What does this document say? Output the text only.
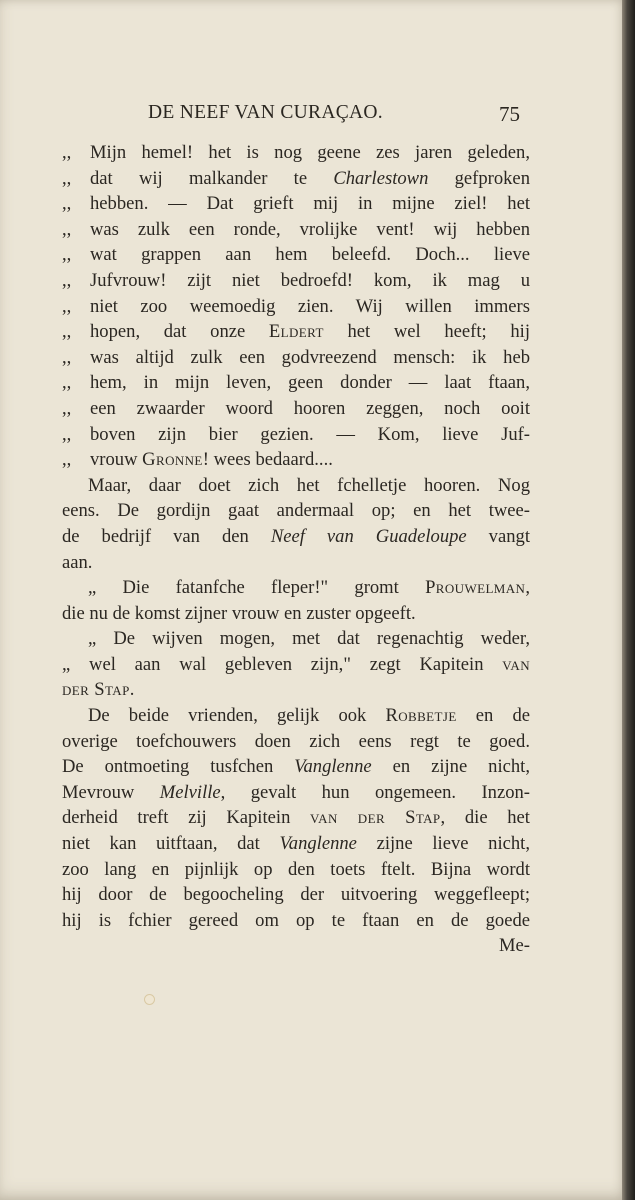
DE NEEF VAN CURAÇAO.	75
,, Mijn hemel! het is nog geene zes jaren geleden,
,, dat wij malkander te Charlestown gefproken
,, hebben. — Dat grieft mij in mijne ziel! het
,, was zulk een ronde, vrolijke vent! wij hebben
,, wat grappen aan hem beleefd. Doch... lieve
,, Jufvrouw! zijt niet bedroefd! kom, ik mag u
,, niet zoo weemoedig zien. Wij willen immers
,, hopen, dat onze Eldert het wel heeft; hij
,, was altijd zulk een godvreezend mensch: ik heb
,, hem, in mijn leven, geen donder — laat ftaan,
,, een zwaarder woord hooren zeggen, noch ooit
,, boven zijn bier gezien. — Kom, lieve Juf-
,, vrouw Gronne! wees bedaard....
Maar, daar doet zich het fchelletje hooren. Nog
eens. De gordijn gaat andermaal op; en het twee-
de bedrijf van den Neef van Guadeloupe vangt
aan.
„ Die fatanfche fleper!" gromt Prouwelman,
die nu de komst zijner vrouw en zuster opgeeft.
„ De wijven mogen, met dat regenachtig weder,
„ wel aan wal gebleven zijn," zegt Kapitein van
der Stap.
De beide vrienden, gelijk ook Robbetje en de
overige toefchouwers doen zich eens regt te goed.
De ontmoeting tusfchen Vanglenne en zijne nicht,
Mevrouw Melville, gevalt hun ongemeen. Inzon-
derheid treft zij Kapitein van der Stap, die het
niet kan uitftaan, dat Vanglenne zijne lieve nicht,
zoo lang en pijnlijk op den toets ftelt. Bijna wordt
hij door de begoocheling der uitvoering weggefleept;
hij is fchier gereed om op te ftaan en de goede
Me-
